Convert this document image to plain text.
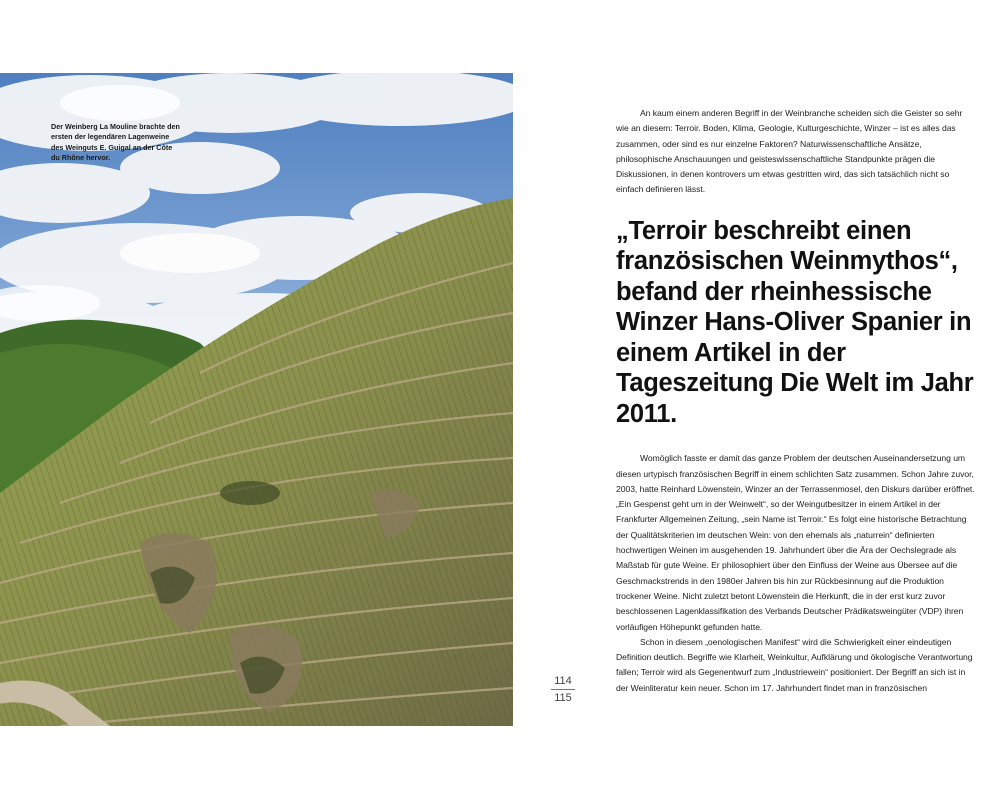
Der Weinberg La Mouline brachte den ersten der legendären Lagenweine des Weinguts E. Guigal an der Côte du Rhône hervor.

114
115

An kaum einem anderen Begriff in der Weinbranche scheiden sich die Geister so sehr wie an diesem: Terroir. Boden, Klima, Geologie, Kulturgeschichte, Winzer – ist es alles das zusammen, oder sind es nur einzelne Faktoren? Naturwissenschaftliche Ansätze, philosophische Anschauungen und geisteswissenschaftliche Standpunkte prägen die Diskussionen, in denen kontrovers um etwas gestritten wird, das sich tatsächlich nicht so einfach definieren lässt.

„Terroir beschreibt einen französischen Weinmythos“, befand der rheinhessische Winzer Hans-Oliver Spanier in einem Artikel in der Tageszeitung Die Welt im Jahr 2011.

Womöglich fasste er damit das ganze Problem der deutschen Auseinandersetzung um diesen urtypisch französischen Begriff in einem schlichten Satz zusammen. Schon Jahre zuvor, 2003, hatte Reinhard Löwenstein, Winzer an der Terrassenmosel, den Diskurs darüber eröffnet. „Ein Gespenst geht um in der Weinwelt“, so der Weingutbesitzer in einem Artikel in der Frankfurter Allgemeinen Zeitung, „sein Name ist Terroir.“ Es folgt eine historische Betrachtung der Qualitätskriterien im deutschen Wein: von den ehemals als „naturrein“ definierten hochwertigen Weinen im ausgehenden 19. Jahrhundert über die Ära der Oechslegrade als Maßstab für gute Weine. Er philosophiert über den Einfluss der Weine aus Übersee auf die Geschmackstrends in den 1980er Jahren bis hin zur Rückbesinnung auf die Produktion trockener Weine. Nicht zuletzt betont Löwenstein die Herkunft, die in der erst kurz zuvor beschlossenen Lagenklassifikation des Verbands Deutscher Prädikatsweingüter (VDP) ihren vorläufigen Höhepunkt gefunden hatte.

Schon in diesem „oenologischen Manifest“ wird die Schwierigkeit einer eindeutigen Definition deutlich. Begriffe wie Klarheit, Weinkultur, Aufklärung und ökologische Verantwortung fallen; Terroir wird als Gegenentwurf zum „Industriewein“ positioniert. Der Begriff an sich ist in der Weinliteratur kein neuer. Schon im 17. Jahrhundert findet man in französischen
